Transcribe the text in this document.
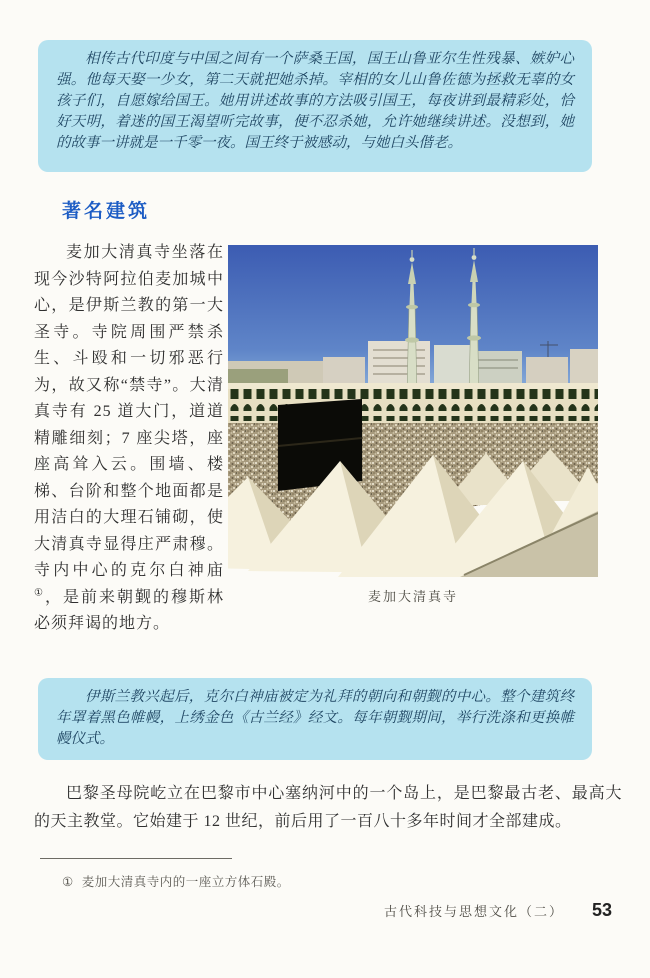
相传古代印度与中国之间有一个萨桑王国，国王山鲁亚尔生性残暴、嫉妒心强。他每天娶一少女，第二天就把她杀掉。宰相的女儿山鲁佐德为拯救无辜的女孩子们，自愿嫁给国王。她用讲述故事的方法吸引国王，每夜讲到最精彩处，恰好天明，着迷的国王渴望听完故事，便不忍杀她，允许她继续讲述。没想到，她的故事一讲就是一千零一夜。国王终于被感动，与她白头偕老。

著名建筑

麦加大清真寺坐落在现今沙特阿拉伯麦加城中心，是伊斯兰教的第一大圣寺。寺院周围严禁杀生、斗殴和一切邪恶行为，故又称“禁寺”。大清真寺有 25 道大门，道道精雕细刻；7 座尖塔，座座高耸入云。围墙、楼梯、台阶和整个地面都是用洁白的大理石铺砌，使大清真寺显得庄严肃穆。寺内中心的克尔白神庙①，是前来朝觐的穆斯林必须拜谒的地方。

麦加大清真寺

伊斯兰教兴起后，克尔白神庙被定为礼拜的朝向和朝觐的中心。整个建筑终年罩着黑色帷幔，上绣金色《古兰经》经文。每年朝觐期间，举行洗涤和更换帷幔仪式。

巴黎圣母院屹立在巴黎市中心塞纳河中的一个岛上，是巴黎最古老、最高大的天主教堂。它始建于 12 世纪，前后用了一百八十多年时间才全部建成。

① 麦加大清真寺内的一座立方体石殿。
古代科技与思想文化（二） 53
